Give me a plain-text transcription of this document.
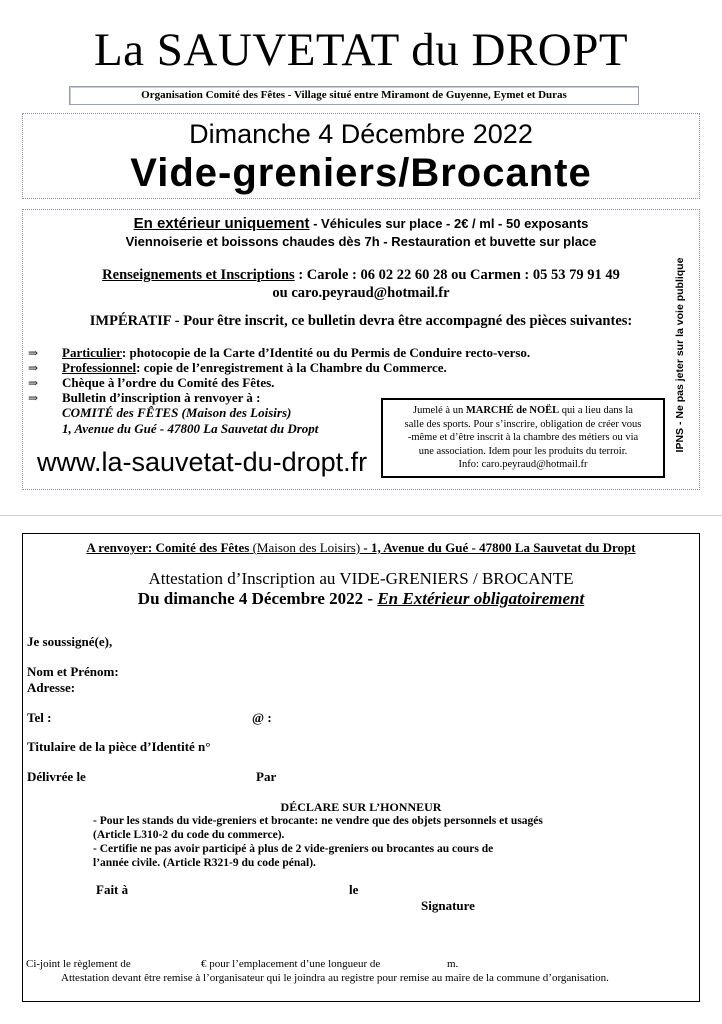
La SAUVETAT du DROPT
Organisation Comité des Fêtes - Village situé entre Miramont de Guyenne, Eymet et Duras
Dimanche 4 Décembre 2022
Vide-greniers/Brocante
En extérieur uniquement - Véhicules sur place - 2€ / ml - 50 exposants
Viennoiserie et boissons chaudes dès 7h - Restauration et buvette sur place
Renseignements et Inscriptions : Carole : 06 02 22 60 28 ou Carmen : 05 53 79 91 49
ou caro.peyraud@hotmail.fr
IMPÉRATIF - Pour être inscrit, ce bulletin devra être accompagné des pièces suivantes:
⇒ Particulier: photocopie de la Carte d’Identité ou du Permis de Conduire recto-verso.
⇒ Professionnel: copie de l’enregistrement à la Chambre du Commerce.
⇒ Chèque à l’ordre du Comité des Fêtes.
⇒ Bulletin d’inscription à renvoyer à :
COMITÉ des FÊTES (Maison des Loisirs)
1, Avenue du Gué - 47800 La Sauvetat du Dropt
www.la-sauvetat-du-dropt.fr
Jumelé à un MARCHÉ de NOËL qui a lieu dans la
salle des sports. Pour s’inscrire, obligation de créer vous
-même et d’être inscrit à la chambre des métiers ou via
une association. Idem pour les produits du terroir.
Info: caro.peyraud@hotmail.fr
IPNS - Ne pas jeter sur la voie publique
A renvoyer: Comité des Fêtes (Maison des Loisirs) - 1, Avenue du Gué - 47800 La Sauvetat du Dropt
Attestation d’Inscription au VIDE-GRENIERS / BROCANTE
Du dimanche 4 Décembre 2022 - En Extérieur obligatoirement
Je soussigné(e),
Nom et Prénom:
Adresse:
Tel :	@ :
Titulaire de la pièce d’Identité n°
Délivrée le	Par
DÉCLARE SUR L’HONNEUR
- Pour les stands du vide-greniers et brocante: ne vendre que des objets personnels et usagés
(Article L310-2 du code du commerce).
- Certifie ne pas avoir participé à plus de 2 vide-greniers ou brocantes au cours de
l’année civile. (Article R321-9 du code pénal).
Fait à	le
Signature
Ci-joint le règlement de	€ pour l’emplacement d’une longueur de	m.
Attestation devant être remise à l’organisateur qui le joindra au registre pour remise au maire de la commune d’organisation.
